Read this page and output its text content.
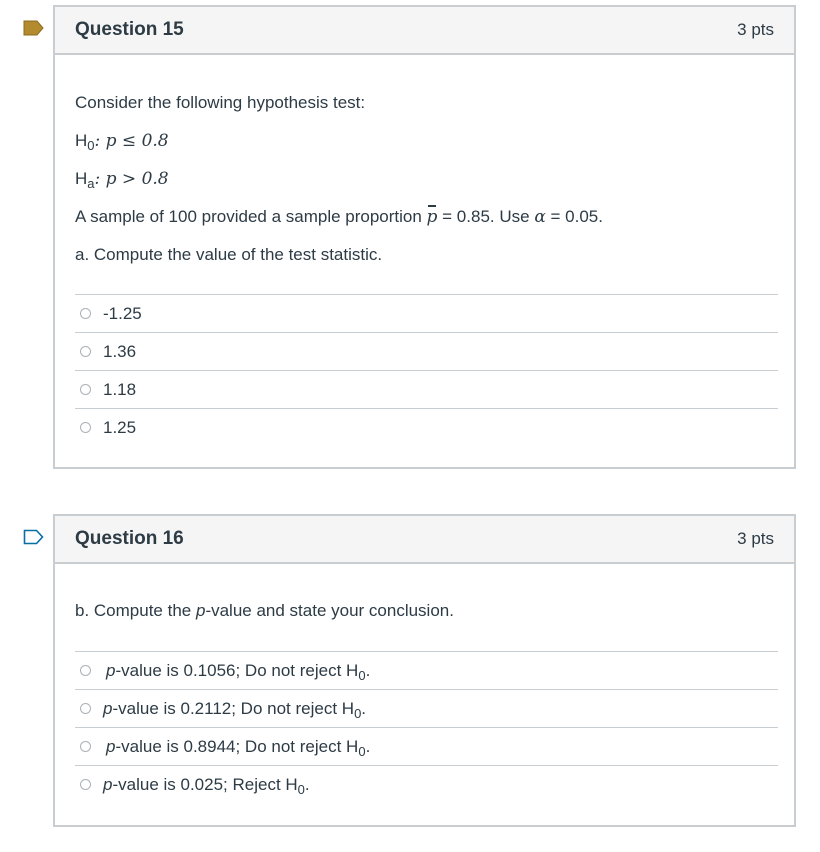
Question 15	3 pts
Consider the following hypothesis test:
$H_0$: p ≤ 0.8
$H_a$: p > 0.8
A sample of 100 provided a sample proportion p = 0.85. Use α = 0.05.
a. Compute the value of the test statistic.
-1.25
1.36
1.18
1.25
Question 16	3 pts
b. Compute the p-value and state your conclusion.
p-value is 0.1056; Do not reject $H_0$.
p-value is 0.2112; Do not reject $H_0$.
p-value is 0.8944; Do not reject $H_0$.
p-value is 0.025; Reject $H_0$.
